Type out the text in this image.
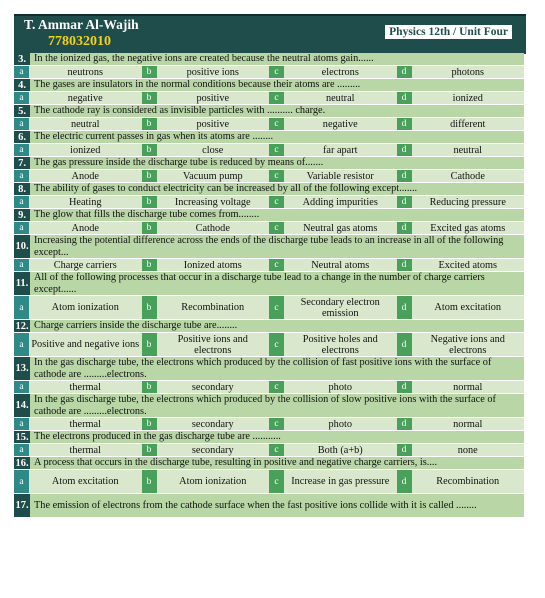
T. Ammar Al-Wajih
778032010
Physics 12th / Unit Four
3. In the ionized gas, the negative ions are created because the neutral atoms gain......
a	neutrons	b	positive ions	c	electrons	d	photons
4. The gases are insulators in the normal conditions because their atoms are .........
a	negative	b	positive	c	neutral	d	ionized
5. The cathode ray is considered as invisible particles with .......... charge.
a	neutral	b	positive	c	negative	d	different
6. The electric current passes in gas when its atoms are ........
a	ionized	b	close	c	far apart	d	neutral
7. The gas pressure inside the discharge tube is reduced by means of.......
a	Anode	b	Vacuum pump	c	Variable resistor	d	Cathode
8. The ability of gases to conduct electricity can be increased by all of the following except.......
a	Heating	b	Increasing voltage	c	Adding impurities	d	Reducing pressure
9. The glow that fills the discharge tube comes from........
a	Anode	b	Cathode	c	Neutral gas atoms	d	Excited gas atoms
10.
Increasing the potential difference across the ends of the discharge tube leads to an increase in all of the following except...
a	Charge carriers	b	Ionized atoms	c	Neutral atoms	d	Excited atoms
11.
All of the following processes that occur in a discharge tube lead to a change in the number of charge carriers except......
a	Atom ionization	b	Recombination	c	Secondary electron emission	d	Atom excitation
12. Charge carriers inside the discharge tube are........
a Positive and negative ions b	Positive ions and electrons	c	Positive holes and electrons	d	Negative ions and electrons
13.
In the gas discharge tube, the electrons which produced by the collision of fast positive ions with the surface of cathode are .........electrons.
a	thermal	b	secondary	c	photo	d	normal
14.
In the gas discharge tube, the electrons which produced by the collision of slow positive ions with the surface of cathode are .........electrons.
a	thermal	b	secondary	c	photo	d	normal
15. The electrons produced in the gas discharge tube are ...........
a	thermal	b	secondary	c	Both (a+b)	d	none
16. A process that occurs in the discharge tube, resulting in positive and negative charge carriers, is....
a	Atom excitation	b	Atom ionization	c	Increase in gas pressure	d	Recombination
17. The emission of electrons from the cathode surface when the fast positive ions collide with it is called ........
